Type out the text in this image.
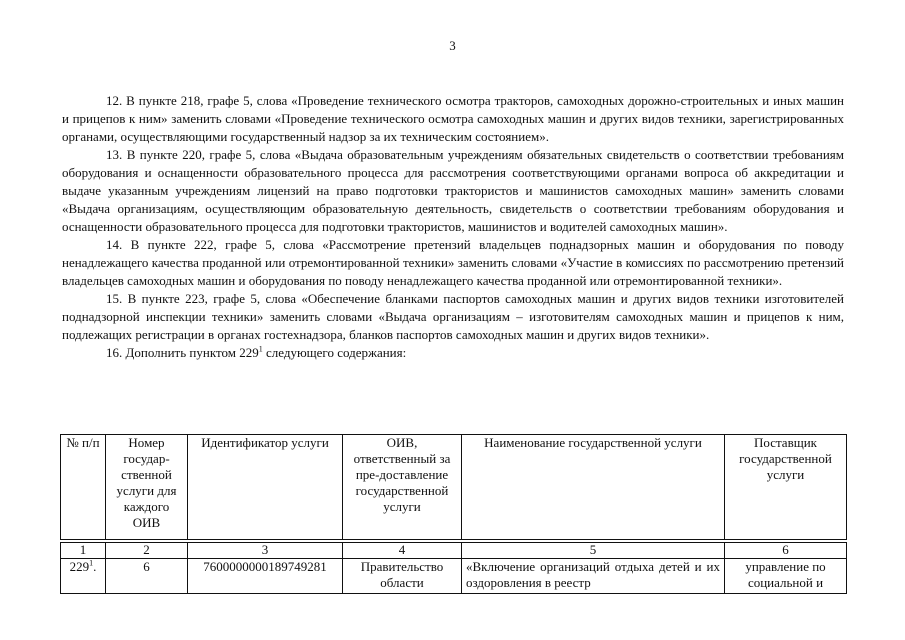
3

12. В пункте 218, графе 5, слова «Проведение технического осмотра тракторов, самоходных дорожно-строительных и иных машин и прицепов к ним» заменить словами «Проведение технического осмотра самоходных машин и других видов техники, зарегистрированных органами, осуществляющими государственный надзор за их техническим состоянием».

13. В пункте 220, графе 5, слова «Выдача образовательным учреждениям обязательных свидетельств о соответствии требованиям оборудования и оснащенности образовательного процесса для рассмотрения соответствующими органами вопроса об аккредитации и выдаче указанным учреждениям лицензий на право подготовки трактористов и машинистов самоходных машин» заменить словами «Выдача организациям, осуществляющим образовательную деятельность, свидетельств о соответствии требованиям оборудования и оснащенности образовательного процесса для подготовки трактористов, машинистов и водителей самоходных машин».

14. В пункте 222, графе 5, слова «Рассмотрение претензий владельцев поднадзорных машин и оборудования по поводу ненадлежащего качества проданной или отремонтированной техники» заменить словами «Участие в комиссиях по рассмотрению претензий владельцев самоходных машин и оборудования по поводу ненадлежащего качества проданной или отремонтированной техники».

15. В пункте 223, графе 5, слова «Обеспечение бланками паспортов самоходных машин и других видов техники изготовителей поднадзорной инспекции техники» заменить словами «Выдача организациям – изготовителям самоходных машин и прицепов к ним, подлежащих регистрации в органах гостехнадзора, бланков паспортов самоходных машин и других видов техники».

16. Дополнить пунктом $229^1$ следующего содержания:

№ п/п	Номер государ-ственной услуги для каждого ОИВ	Идентификатор услуги	ОИВ, ответственный за пре-доставление государственной услуги	Наименование государственной услуги	Поставщик государственной услуги

1	2	3	4	5	6
$229^1$.	6	7600000000189749281	Правительство области	«Включение организаций отдыха детей и их оздоровления в реестр	управление по социальной и
